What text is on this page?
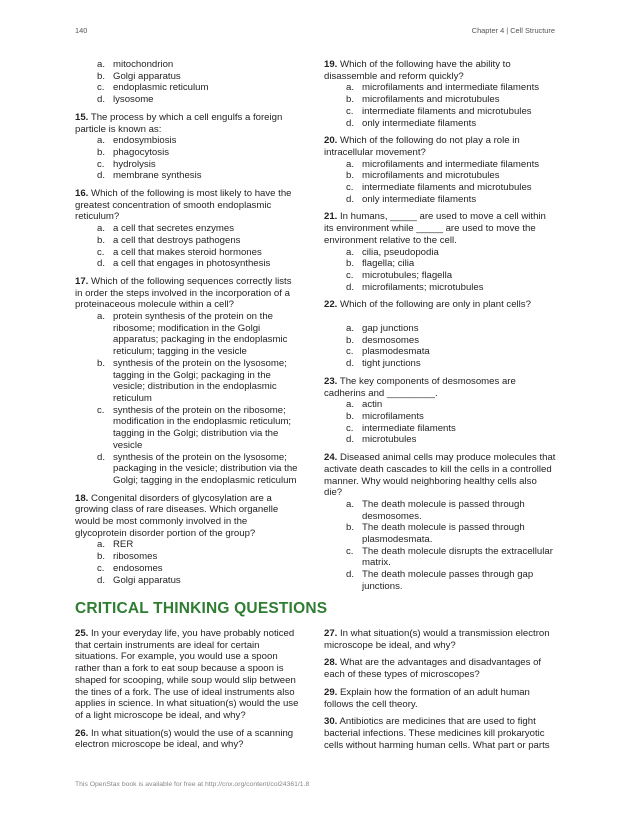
140	Chapter 4 | Cell Structure
a. mitochondrion
b. Golgi apparatus
c. endoplasmic reticulum
d. lysosome
15. The process by which a cell engulfs a foreign particle is known as:
a. endosymbiosis
b. phagocytosis
c. hydrolysis
d. membrane synthesis
16. Which of the following is most likely to have the greatest concentration of smooth endoplasmic reticulum?
a. a cell that secretes enzymes
b. a cell that destroys pathogens
c. a cell that makes steroid hormones
d. a cell that engages in photosynthesis
17. Which of the following sequences correctly lists in order the steps involved in the incorporation of a proteinaceous molecule within a cell?
a. protein synthesis of the protein on the ribosome; modification in the Golgi apparatus; packaging in the endoplasmic reticulum; tagging in the vesicle
b. synthesis of the protein on the lysosome; tagging in the Golgi; packaging in the vesicle; distribution in the endoplasmic reticulum
c. synthesis of the protein on the ribosome; modification in the endoplasmic reticulum; tagging in the Golgi; distribution via the vesicle
d. synthesis of the protein on the lysosome; packaging in the vesicle; distribution via the Golgi; tagging in the endoplasmic reticulum
18. Congenital disorders of glycosylation are a growing class of rare diseases. Which organelle would be most commonly involved in the glycoprotein disorder portion of the group?
a. RER
b. ribosomes
c. endosomes
d. Golgi apparatus
19. Which of the following have the ability to disassemble and reform quickly?
a. microfilaments and intermediate filaments
b. microfilaments and microtubules
c. intermediate filaments and microtubules
d. only intermediate filaments
20. Which of the following do not play a role in intracellular movement?
a. microfilaments and intermediate filaments
b. microfilaments and microtubules
c. intermediate filaments and microtubules
d. only intermediate filaments
21. In humans, _____ are used to move a cell within its environment while _____ are used to move the environment relative to the cell.
a. cilia, pseudopodia
b. flagella; cilia
c. microtubules; flagella
d. microfilaments; microtubules
22. Which of the following are only in plant cells?
a. gap junctions
b. desmosomes
c. plasmodesmata
d. tight junctions
23. The key components of desmosomes are cadherins and _________.
a. actin
b. microfilaments
c. intermediate filaments
d. microtubules
24. Diseased animal cells may produce molecules that activate death cascades to kill the cells in a controlled manner. Why would neighboring healthy cells also die?
a. The death molecule is passed through desmosomes.
b. The death molecule is passed through plasmodesmata.
c. The death molecule disrupts the extracellular matrix.
d. The death molecule passes through gap junctions.
CRITICAL THINKING QUESTIONS

25. In your everyday life, you have probably noticed that certain instruments are ideal for certain situations. For example, you would use a spoon rather than a fork to eat soup because a spoon is shaped for scooping, while soup would slip between the tines of a fork. The use of ideal instruments also applies in science. In what situation(s) would the use of a light microscope be ideal, and why?

26. In what situation(s) would the use of a scanning electron microscope be ideal, and why?

27. In what situation(s) would a transmission electron microscope be ideal, and why?

28. What are the advantages and disadvantages of each of these types of microscopes?

29. Explain how the formation of an adult human follows the cell theory.

30. Antibiotics are medicines that are used to fight bacterial infections. These medicines kill prokaryotic cells without harming human cells. What part or parts

This OpenStax book is available for free at http://cnx.org/content/col24361/1.8
